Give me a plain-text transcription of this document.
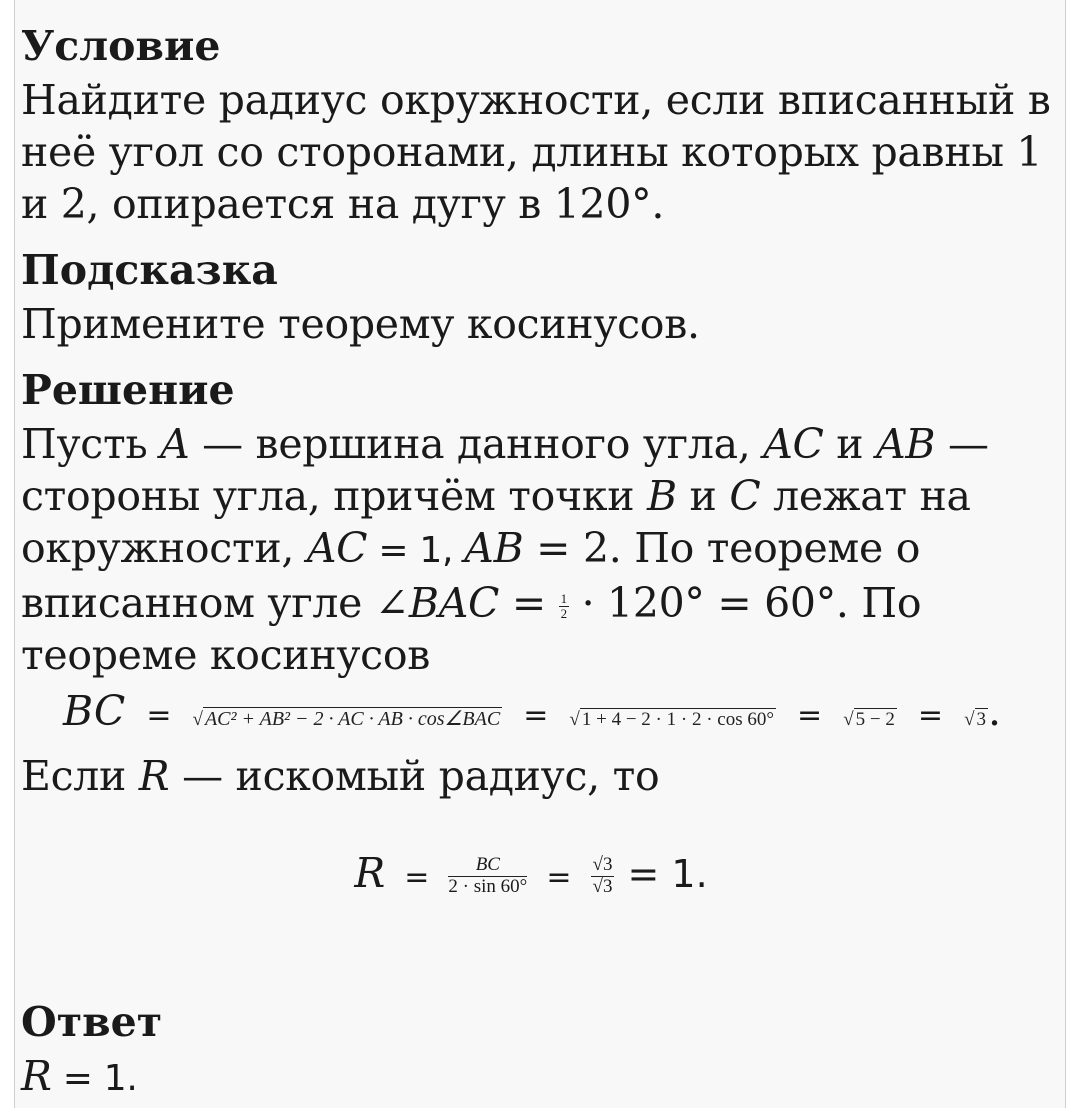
Условие

Найдите радиус окружности, если вписанный в неё угол со сторонами, длины которых равны 1 и 2, опирается на дугу в 120°.

Подсказка

Примените теорему косинусов.

Решение

Пусть A — вершина данного угла, AC и AB — стороны угла, причём точки B и C лежат на окружности, AC = 1, AB = 2. По теореме о вписанном угле ∠BAC = $\frac{1}{2} \cdot 120^\circ = 60^\circ$. По теореме косинусов

BC = √ AC² + AB² − 2 · AC · AB · cos∠BAC = √ 1 + 4 − 2 · 1 · 2 · cos 60° = √ 5 − 2 = √ 3.

Если R — искомый радиус, то

$R = \frac{BC}{2 \cdot \sin 60^\circ} = \frac{√3}{√3} = 1$.

Ответ

R = 1.
